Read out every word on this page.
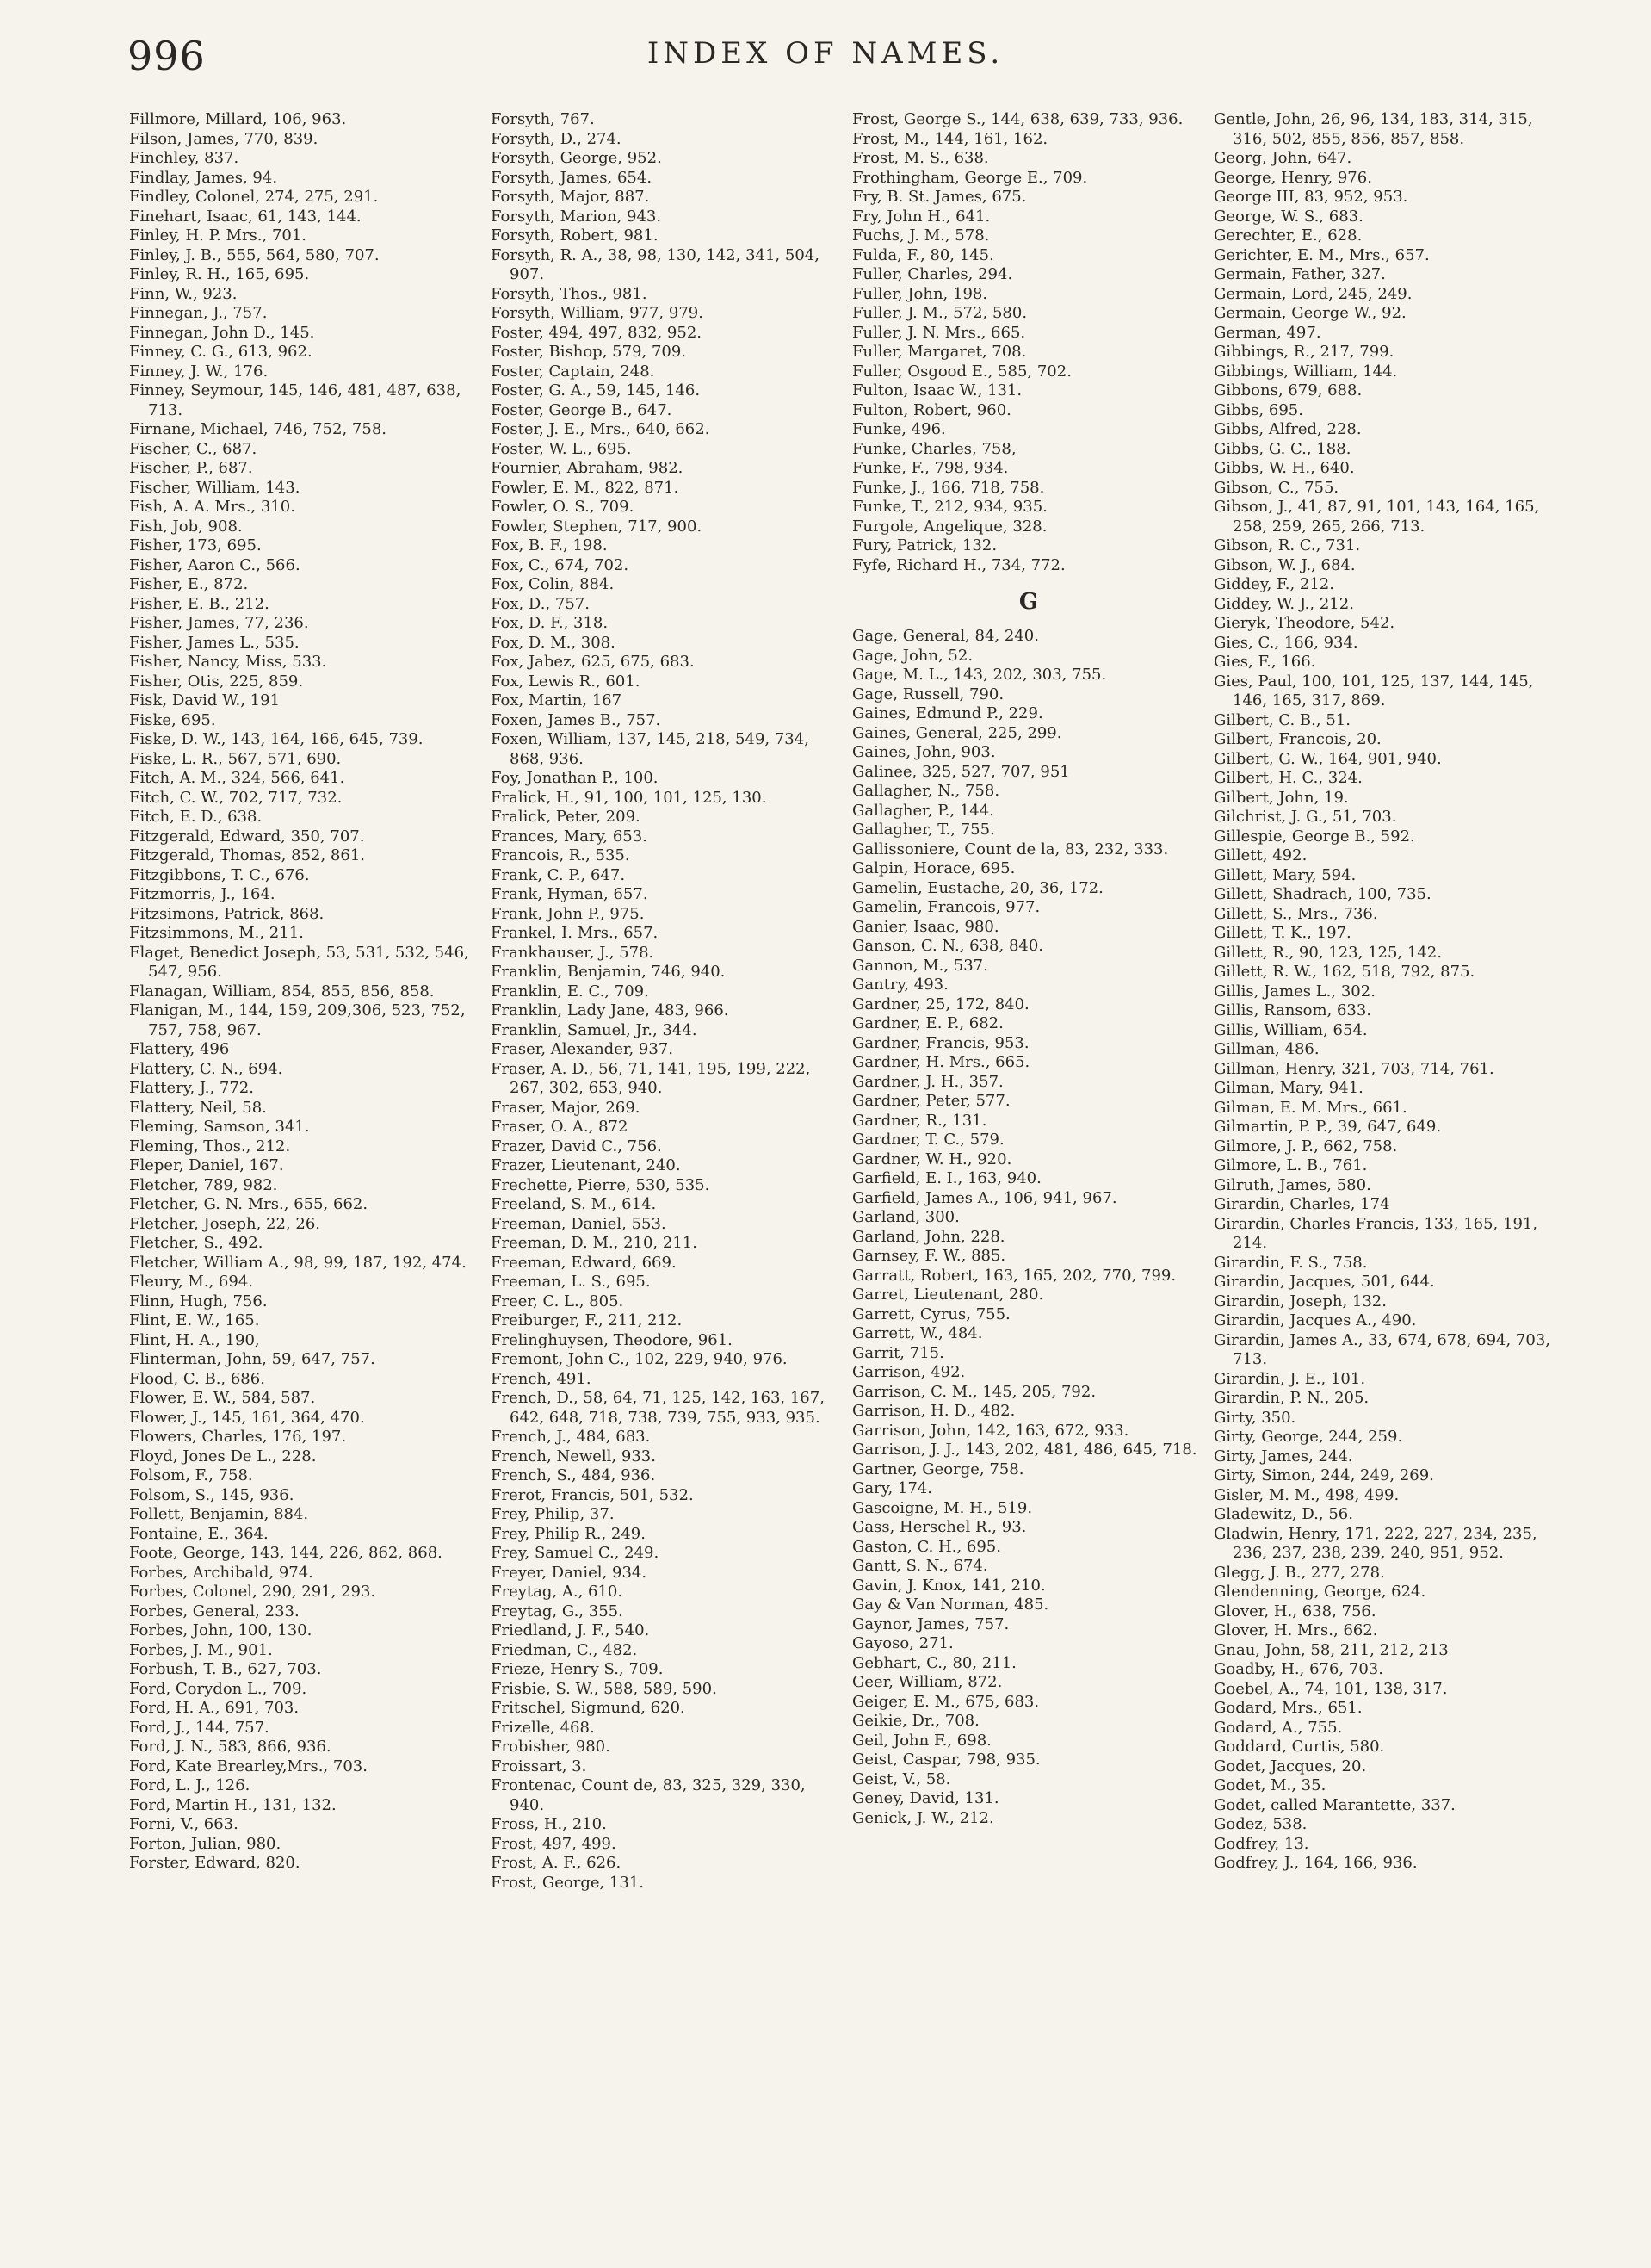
996	INDEX OF NAMES.
Fillmore, Millard, 106, 963.
Filson, James, 770, 839.
Finchley, 837.
Findlay, James, 94.
Findley, Colonel, 274, 275, 291.
Finehart, Isaac, 61, 143, 144.
Finley, H. P. Mrs., 701.
Finley, J. B., 555, 564, 580, 707.
Finley, R. H., 165, 695.
Finn, W., 923.
Finnegan, J., 757.
Finnegan, John D., 145.
Finney, C. G., 613, 962.
Finney, J. W., 176.
Finney, Seymour, 145, 146, 481, 487, 638, 713.
Firnane, Michael, 746, 752, 758.
Fischer, C., 687.
Fischer, P., 687.
Fischer, William, 143.
Fish, A. A. Mrs., 310.
Fish, Job, 908.
Fisher, 173, 695.
Fisher, Aaron C., 566.
Fisher, E., 872.
Fisher, E. B., 212.
Fisher, James, 77, 236.
Fisher, James L., 535.
Fisher, Nancy, Miss, 533.
Fisher, Otis, 225, 859.
Fisk, David W., 191
Fiske, 695.
Fiske, D. W., 143, 164, 166, 645, 739.
Fiske, L. R., 567, 571, 690.
Fitch, A. M., 324, 566, 641.
Fitch, C. W., 702, 717, 732.
Fitch, E. D., 638.
Fitzgerald, Edward, 350, 707.
Fitzgerald, Thomas, 852, 861.
Fitzgibbons, T. C., 676.
Fitzmorris, J., 164.
Fitzsimons, Patrick, 868.
Fitzsimmons, M., 211.
Flaget, Benedict Joseph, 53, 531, 532, 546, 547, 956.
Flanagan, William, 854, 855, 856, 858.
Flanigan, M., 144, 159, 209,306, 523, 752, 757, 758, 967.
Flattery, 496
Flattery, C. N., 694.
Flattery, J., 772.
Flattery, Neil, 58.
Fleming, Samson, 341.
Fleming, Thos., 212.
Fleper, Daniel, 167.
Fletcher, 789, 982.
Fletcher, G. N. Mrs., 655, 662.
Fletcher, Joseph, 22, 26.
Fletcher, S., 492.
Fletcher, William A., 98, 99, 187, 192, 474.
Fleury, M., 694.
Flinn, Hugh, 756.
Flint, E. W., 165.
Flint, H. A., 190,
Flinterman, John, 59, 647, 757.
Flood, C. B., 686.
Flower, E. W., 584, 587.
Flower, J., 145, 161, 364, 470.
Flowers, Charles, 176, 197.
Floyd, Jones De L., 228.
Folsom, F., 758.
Folsom, S., 145, 936.
Follett, Benjamin, 884.
Fontaine, E., 364.
Foote, George, 143, 144, 226, 862, 868.
Forbes, Archibald, 974.
Forbes, Colonel, 290, 291, 293.
Forbes, General, 233.
Forbes, John, 100, 130.
Forbes, J. M., 901.
Forbush, T. B., 627, 703.
Ford, Corydon L., 709.
Ford, H. A., 691, 703.
Ford, J., 144, 757.
Ford, J. N., 583, 866, 936.
Ford, Kate Brearley,Mrs., 703.
Ford, L. J., 126.
Ford, Martin H., 131, 132.
Forni, V., 663.
Forton, Julian, 980.
Forster, Edward, 820.
Forsyth, 767.
Forsyth, D., 274.
Forsyth, George, 952.
Forsyth, James, 654.
Forsyth, Major, 887.
Forsyth, Marion, 943.
Forsyth, Robert, 981.
Forsyth, R. A., 38, 98, 130, 142, 341, 504, 907.
Forsyth, Thos., 981.
Forsyth, William, 977, 979.
Foster, 494, 497, 832, 952.
Foster, Bishop, 579, 709.
Foster, Captain, 248.
Foster, G. A., 59, 145, 146.
Foster, George B., 647.
Foster, J. E., Mrs., 640, 662.
Foster, W. L., 695.
Fournier, Abraham, 982.
Fowler, E. M., 822, 871.
Fowler, O. S., 709.
Fowler, Stephen, 717, 900.
Fox, B. F., 198.
Fox, C., 674, 702.
Fox, Colin, 884.
Fox, D., 757.
Fox, D. F., 318.
Fox, D. M., 308.
Fox, Jabez, 625, 675, 683.
Fox, Lewis R., 601.
Fox, Martin, 167
Foxen, James B., 757.
Foxen, William, 137, 145, 218, 549, 734, 868, 936.
Foy, Jonathan P., 100.
Fralick, H., 91, 100, 101, 125, 130.
Fralick, Peter, 209.
Frances, Mary, 653.
Francois, R., 535.
Frank, C. P., 647.
Frank, Hyman, 657.
Frank, John P., 975.
Frankel, I. Mrs., 657.
Frankhauser, J., 578.
Franklin, Benjamin, 746, 940.
Franklin, E. C., 709.
Franklin, Lady Jane, 483, 966.
Franklin, Samuel, Jr., 344.
Fraser, Alexander, 937.
Fraser, A. D., 56, 71, 141, 195, 199, 222, 267, 302, 653, 940.
Fraser, Major, 269.
Fraser, O. A., 872
Frazer, David C., 756.
Frazer, Lieutenant, 240.
Frechette, Pierre, 530, 535.
Freeland, S. M., 614.
Freeman, Daniel, 553.
Freeman, D. M., 210, 211.
Freeman, Edward, 669.
Freeman, L. S., 695.
Freer, C. L., 805.
Freiburger, F., 211, 212.
Frelinghuysen, Theodore, 961.
Fremont, John C., 102, 229, 940, 976.
French, 491.
French, D., 58, 64, 71, 125, 142, 163, 167, 642, 648, 718, 738, 739, 755, 933, 935.
French, J., 484, 683.
French, Newell, 933.
French, S., 484, 936.
Frerot, Francis, 501, 532.
Frey, Philip, 37.
Frey, Philip R., 249.
Frey, Samuel C., 249.
Freyer, Daniel, 934.
Freytag, A., 610.
Freytag, G., 355.
Friedland, J. F., 540.
Friedman, C., 482.
Frieze, Henry S., 709.
Frisbie, S. W., 588, 589, 590.
Fritschel, Sigmund, 620.
Frizelle, 468.
Frobisher, 980.
Froissart, 3.
Frontenac, Count de, 83, 325, 329, 330, 940.
Fross, H., 210.
Frost, 497, 499.
Frost, A. F., 626.
Frost, George, 131.
Frost, George S., 144, 638, 639, 733, 936.
Frost, M., 144, 161, 162.
Frost, M. S., 638.
Frothingham, George E., 709.
Fry, B. St. James, 675.
Fry, John H., 641.
Fuchs, J. M., 578.
Fulda, F., 80, 145.
Fuller, Charles, 294.
Fuller, John, 198.
Fuller, J. M., 572, 580.
Fuller, J. N. Mrs., 665.
Fuller, Margaret, 708.
Fuller, Osgood E., 585, 702.
Fulton, Isaac W., 131.
Fulton, Robert, 960.
Funke, 496.
Funke, Charles, 758,
Funke, F., 798, 934.
Funke, J., 166, 718, 758.
Funke, T., 212, 934, 935.
Furgole, Angelique, 328.
Fury, Patrick, 132.
Fyfe, Richard H., 734, 772.
G
Gage, General, 84, 240.
Gage, John, 52.
Gage, M. L., 143, 202, 303, 755.
Gage, Russell, 790.
Gaines, Edmund P., 229.
Gaines, General, 225, 299.
Gaines, John, 903.
Galinee, 325, 527, 707, 951
Gallagher, N., 758.
Gallagher, P., 144.
Gallagher, T., 755.
Gallissoniere, Count de la, 83, 232, 333.
Galpin, Horace, 695.
Gamelin, Eustache, 20, 36, 172.
Gamelin, Francois, 977.
Ganier, Isaac, 980.
Ganson, C. N., 638, 840.
Gannon, M., 537.
Gantry, 493.
Gardner, 25, 172, 840.
Gardner, E. P., 682.
Gardner, Francis, 953.
Gardner, H. Mrs., 665.
Gardner, J. H., 357.
Gardner, Peter, 577.
Gardner, R., 131.
Gardner, T. C., 579.
Gardner, W. H., 920.
Garfield, E. I., 163, 940.
Garfield, James A., 106, 941, 967.
Garland, 300.
Garland, John, 228.
Garnsey, F. W., 885.
Garratt, Robert, 163, 165, 202, 770, 799.
Garret, Lieutenant, 280.
Garrett, Cyrus, 755.
Garrett, W., 484.
Garrit, 715.
Garrison, 492.
Garrison, C. M., 145, 205, 792.
Garrison, H. D., 482.
Garrison, John, 142, 163, 672, 933.
Garrison, J. J., 143, 202, 481, 486, 645, 718.
Gartner, George, 758.
Gary, 174.
Gascoigne, M. H., 519.
Gass, Herschel R., 93.
Gaston, C. H., 695.
Gantt, S. N., 674.
Gavin, J. Knox, 141, 210.
Gay & Van Norman, 485.
Gaynor, James, 757.
Gayoso, 271.
Gebhart, C., 80, 211.
Geer, William, 872.
Geiger, E. M., 675, 683.
Geikie, Dr., 708.
Geil, John F., 698.
Geist, Caspar, 798, 935.
Geist, V., 58.
Geney, David, 131.
Genick, J. W., 212.
Gentle, John, 26, 96, 134, 183, 314, 315, 316, 502, 855, 856, 857, 858.
Georg, John, 647.
George, Henry, 976.
George III, 83, 952, 953.
George, W. S., 683.
Gerechter, E., 628.
Gerichter, E. M., Mrs., 657.
Germain, Father, 327.
Germain, Lord, 245, 249.
Germain, George W., 92.
German, 497.
Gibbings, R., 217, 799.
Gibbings, William, 144.
Gibbons, 679, 688.
Gibbs, 695.
Gibbs, Alfred, 228.
Gibbs, G. C., 188.
Gibbs, W. H., 640.
Gibson, C., 755.
Gibson, J., 41, 87, 91, 101, 143, 164, 165, 258, 259, 265, 266, 713.
Gibson, R. C., 731.
Gibson, W. J., 684.
Giddey, F., 212.
Giddey, W. J., 212.
Gieryk, Theodore, 542.
Gies, C., 166, 934.
Gies, F., 166.
Gies, Paul, 100, 101, 125, 137, 144, 145, 146, 165, 317, 869.
Gilbert, C. B., 51.
Gilbert, Francois, 20.
Gilbert, G. W., 164, 901, 940.
Gilbert, H. C., 324.
Gilbert, John, 19.
Gilchrist, J. G., 51, 703.
Gillespie, George B., 592.
Gillett, 492.
Gillett, Mary, 594.
Gillett, Shadrach, 100, 735.
Gillett, S., Mrs., 736.
Gillett, T. K., 197.
Gillett, R., 90, 123, 125, 142.
Gillett, R. W., 162, 518, 792, 875.
Gillis, James L., 302.
Gillis, Ransom, 633.
Gillis, William, 654.
Gillman, 486.
Gillman, Henry, 321, 703, 714, 761.
Gilman, Mary, 941.
Gilman, E. M. Mrs., 661.
Gilmartin, P. P., 39, 647, 649.
Gilmore, J. P., 662, 758.
Gilmore, L. B., 761.
Gilruth, James, 580.
Girardin, Charles, 174
Girardin, Charles Francis, 133, 165, 191, 214.
Girardin, F. S., 758.
Girardin, Jacques, 501, 644.
Girardin, Joseph, 132.
Girardin, Jacques A., 490.
Girardin, James A., 33, 674, 678, 694, 703, 713.
Girardin, J. E., 101.
Girardin, P. N., 205.
Girty, 350.
Girty, George, 244, 259.
Girty, James, 244.
Girty, Simon, 244, 249, 269.
Gisler, M. M., 498, 499.
Gladewitz, D., 56.
Gladwin, Henry, 171, 222, 227, 234, 235, 236, 237, 238, 239, 240, 951, 952.
Glegg, J. B., 277, 278.
Glendenning, George, 624.
Glover, H., 638, 756.
Glover, H. Mrs., 662.
Gnau, John, 58, 211, 212, 213
Goadby, H., 676, 703.
Goebel, A., 74, 101, 138, 317.
Godard, Mrs., 651.
Godard, A., 755.
Goddard, Curtis, 580.
Godet, Jacques, 20.
Godet, M., 35.
Godet, called Marantette, 337.
Godez, 538.
Godfrey, 13.
Godfrey, J., 164, 166, 936.
